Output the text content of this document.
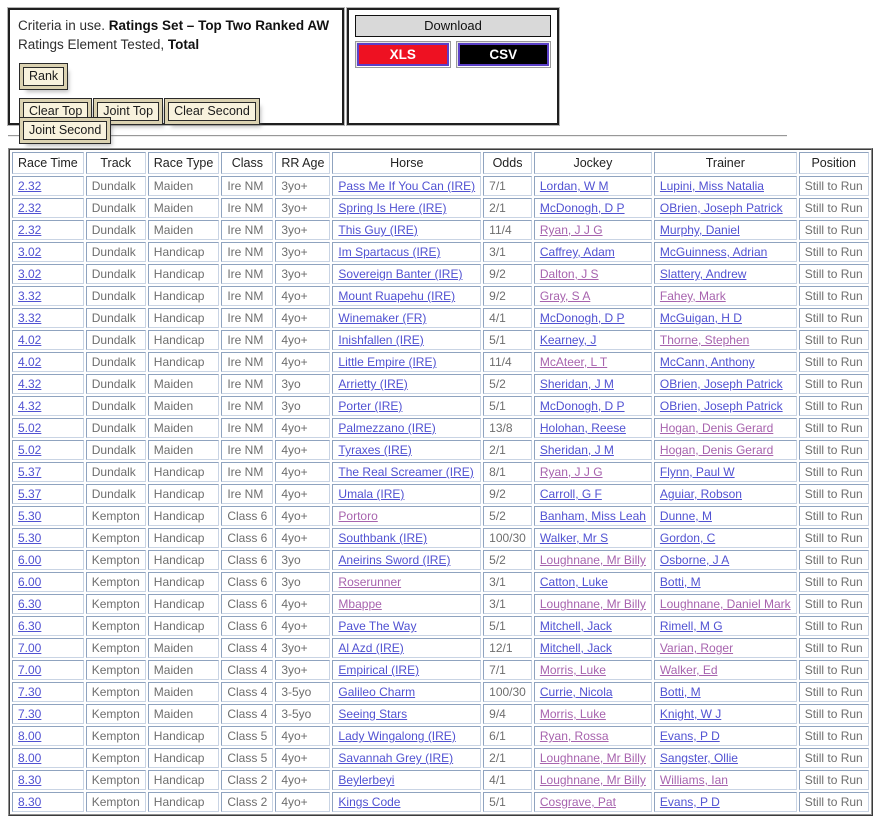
Criteria in use. Ratings Set – Top Two Ranked AW
Ratings Element Tested, Total
Rank
Clear Top Joint Top Clear SecondJoint Second
Download
XLS	CSV
Race Time	Track	Race Type	Class	RR Age	Horse	Odds	Jockey	Trainer	Position
2.32	Dundalk	Maiden	Ire NM	3yo+	Pass Me If You Can (IRE)	7/1	Lordan, W M	Lupini, Miss Natalia	Still to Run
2.32	Dundalk	Maiden	Ire NM	3yo+	Spring Is Here (IRE)	2/1	McDonogh, D P	OBrien, Joseph Patrick	Still to Run
2.32	Dundalk	Maiden	Ire NM	3yo+	This Guy (IRE)	11/4	Ryan, J J G	Murphy, Daniel	Still to Run
3.02	Dundalk	Handicap	Ire NM	3yo+	Im Spartacus (IRE)	3/1	Caffrey, Adam	McGuinness, Adrian	Still to Run
3.02	Dundalk	Handicap	Ire NM	3yo+	Sovereign Banter (IRE)	9/2	Dalton, J S	Slattery, Andrew	Still to Run
3.32	Dundalk	Handicap	Ire NM	4yo+	Mount Ruapehu (IRE)	9/2	Gray, S A	Fahey, Mark	Still to Run
3.32	Dundalk	Handicap	Ire NM	4yo+	Winemaker (FR)	4/1	McDonogh, D P	McGuigan, H D	Still to Run
4.02	Dundalk	Handicap	Ire NM	4yo+	Inishfallen (IRE)	5/1	Kearney, J	Thorne, Stephen	Still to Run
4.02	Dundalk	Handicap	Ire NM	4yo+	Little Empire (IRE)	11/4	McAteer, L T	McCann, Anthony	Still to Run
4.32	Dundalk	Maiden	Ire NM	3yo	Arrietty (IRE)	5/2	Sheridan, J M	OBrien, Joseph Patrick	Still to Run
4.32	Dundalk	Maiden	Ire NM	3yo	Porter (IRE)	5/1	McDonogh, D P	OBrien, Joseph Patrick	Still to Run
5.02	Dundalk	Maiden	Ire NM	4yo+	Palmezzano (IRE)	13/8	Holohan, Reese	Hogan, Denis Gerard	Still to Run
5.02	Dundalk	Maiden	Ire NM	4yo+	Tyraxes (IRE)	2/1	Sheridan, J M	Hogan, Denis Gerard	Still to Run
5.37	Dundalk	Handicap	Ire NM	4yo+	The Real Screamer (IRE)	8/1	Ryan, J J G	Flynn, Paul W	Still to Run
5.37	Dundalk	Handicap	Ire NM	4yo+	Umala (IRE)	9/2	Carroll, G F	Aguiar, Robson	Still to Run
5.30	Kempton	Handicap	Class 6	4yo+	Portoro	5/2	Banham, Miss Leah	Dunne, M	Still to Run
5.30	Kempton	Handicap	Class 6	4yo+	Southbank (IRE)	100/30	Walker, Mr S	Gordon, C	Still to Run
6.00	Kempton	Handicap	Class 6	3yo	Aneirins Sword (IRE)	5/2	Loughnane, Mr Billy	Osborne, J A	Still to Run
6.00	Kempton	Handicap	Class 6	3yo	Roserunner	3/1	Catton, Luke	Botti, M	Still to Run
6.30	Kempton	Handicap	Class 6	4yo+	Mbappe	3/1	Loughnane, Mr Billy	Loughnane, Daniel Mark	Still to Run
6.30	Kempton	Handicap	Class 6	4yo+	Pave The Way	5/1	Mitchell, Jack	Rimell, M G	Still to Run
7.00	Kempton	Maiden	Class 4	3yo+	Al Azd (IRE)	12/1	Mitchell, Jack	Varian, Roger	Still to Run
7.00	Kempton	Maiden	Class 4	3yo+	Empirical (IRE)	7/1	Morris, Luke	Walker, Ed	Still to Run
7.30	Kempton	Maiden	Class 4	3-5yo	Galileo Charm	100/30	Currie, Nicola	Botti, M	Still to Run
7.30	Kempton	Maiden	Class 4	3-5yo	Seeing Stars	9/4	Morris, Luke	Knight, W J	Still to Run
8.00	Kempton	Handicap	Class 5	4yo+	Lady Wingalong (IRE)	6/1	Ryan, Rossa	Evans, P D	Still to Run
8.00	Kempton	Handicap	Class 5	4yo+	Savannah Grey (IRE)	2/1	Loughnane, Mr Billy	Sangster, Ollie	Still to Run
8.30	Kempton	Handicap	Class 2	4yo+	Beylerbeyi	4/1	Loughnane, Mr Billy	Williams, Ian	Still to Run
8.30	Kempton	Handicap	Class 2	4yo+	Kings Code	5/1	Cosgrave, Pat	Evans, P D	Still to Run
